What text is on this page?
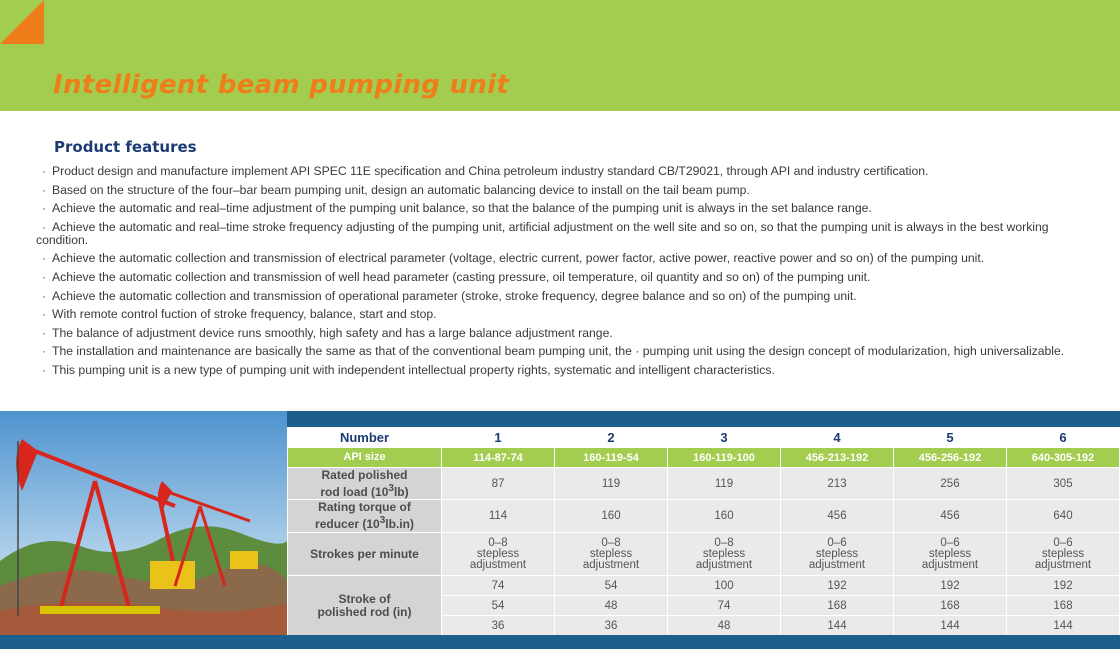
Intelligent beam pumping unit
Product features
· Product design and manufacture implement API SPEC 11E specification and China petroleum industry standard CB/T29021, through API and industry certification.
· Based on the structure of the four–bar beam pumping unit, design an automatic balancing device to install on the tail beam pump.
· Achieve the automatic and real–time adjustment of the pumping unit balance, so that the balance of the pumping unit is always in the set balance range.
· Achieve the automatic and real–time stroke frequency adjusting of the pumping unit, artificial adjustment on the well site and so on, so that the pumping unit is always in the best working condition.
· Achieve the automatic collection and transmission of electrical parameter (voltage, electric current, power factor, active power, reactive power and so on) of the pumping unit.
· Achieve the automatic collection and transmission of well head parameter (casting pressure, oil temperature, oil quantity and so on) of the pumping unit.
· Achieve the automatic collection and transmission of operational parameter (stroke, stroke frequency, degree balance and so on) of the pumping unit.
· With remote control fuction of stroke frequency, balance, start and stop.
· The balance of adjustment device runs smoothly, high safety and has a large balance adjustment range.
· The installation and maintenance are basically the same as that of the conventional beam pumping unit, the · pumping unit using the design concept of modularization, high universalizable.
· This pumping unit is a new type of pumping unit with independent intellectual property rights, systematic and intelligent characteristics.
Number	1	2	3	4	5	6
API size	114-87-74	160-119-54	160-119-100	456-213-192	456-256-192	640-305-192
Rated polished
rod load $(10^3lb)$	87	119	119	213	256	305
Rating torque of
reducer $(10^3lb.in)$	114	160	160	456	456	640
Strokes per minute	0–8
stepless
adjustment	0–8
stepless
adjustment	0–8
stepless
adjustment	0–6
stepless
adjustment	0–6
stepless
adjustment	0–6
stepless
adjustment

Stroke of
polished rod (in)	74	54	100	192	192	192
	54	48	74	168	168	168
	36	36	48	144	144	144
